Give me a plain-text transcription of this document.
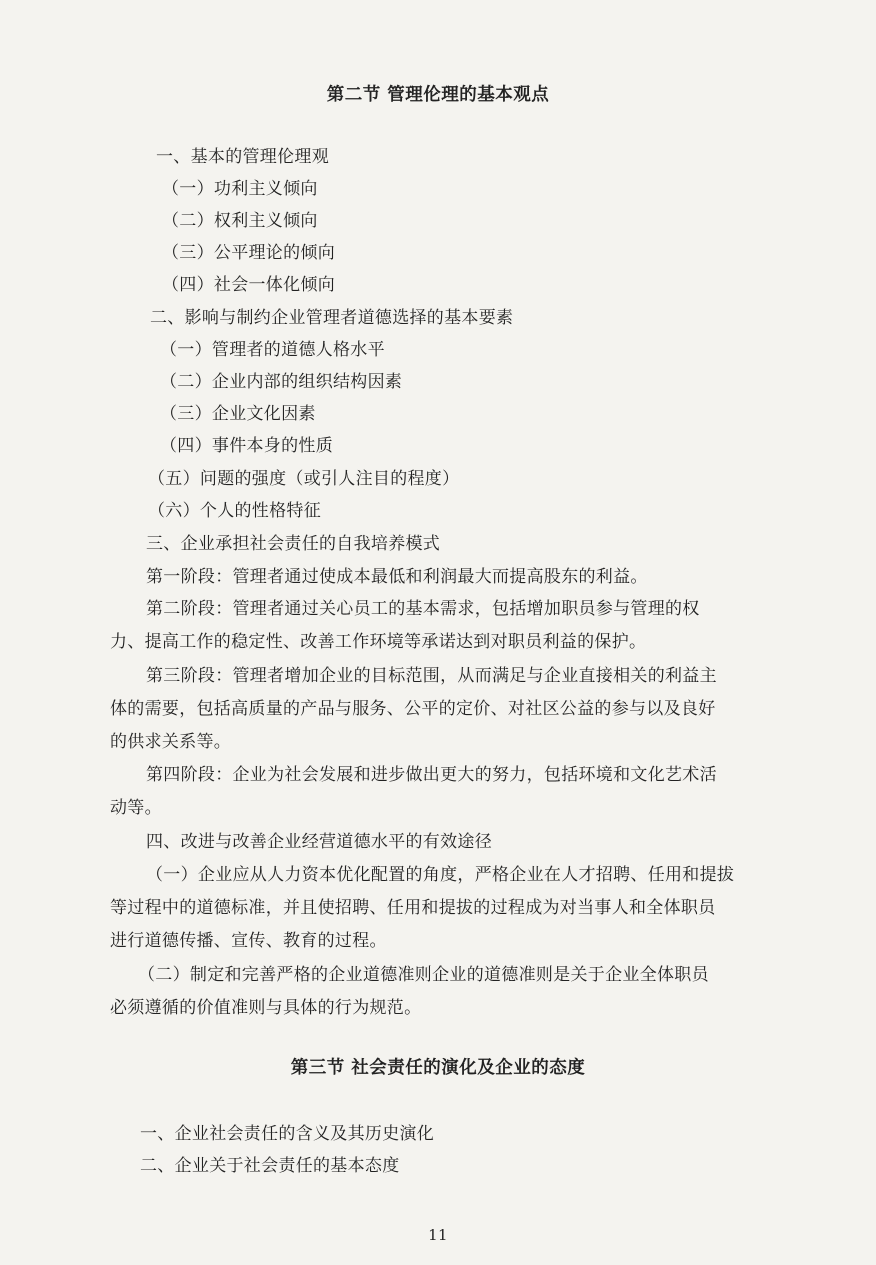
第二节 管理伦理的基本观点
一、基本的管理伦理观
（一）功利主义倾向
（二）权利主义倾向
（三）公平理论的倾向
（四）社会一体化倾向
二、影响与制约企业管理者道德选择的基本要素
（一）管理者的道德人格水平
（二）企业内部的组织结构因素
（三）企业文化因素
（四）事件本身的性质
（五）问题的强度（或引人注目的程度）
（六）个人的性格特征
三、企业承担社会责任的自我培养模式
第一阶段：管理者通过使成本最低和利润最大而提高股东的利益。
第二阶段：管理者通过关心员工的基本需求，包括增加职员参与管理的权
力、提高工作的稳定性、改善工作环境等承诺达到对职员利益的保护。
第三阶段：管理者增加企业的目标范围，从而满足与企业直接相关的利益主
体的需要，包括高质量的产品与服务、公平的定价、对社区公益的参与以及良好
的供求关系等。
第四阶段：企业为社会发展和进步做出更大的努力，包括环境和文化艺术活
动等。
四、改进与改善企业经营道德水平的有效途径
（一）企业应从人力资本优化配置的角度，严格企业在人才招聘、任用和提拔
等过程中的道德标准，并且使招聘、任用和提拔的过程成为对当事人和全体职员
进行道德传播、宣传、教育的过程。
（二）制定和完善严格的企业道德准则企业的道德准则是关于企业全体职员
必须遵循的价值准则与具体的行为规范。
第三节 社会责任的演化及企业的态度
一、企业社会责任的含义及其历史演化
二、企业关于社会责任的基本态度
11
